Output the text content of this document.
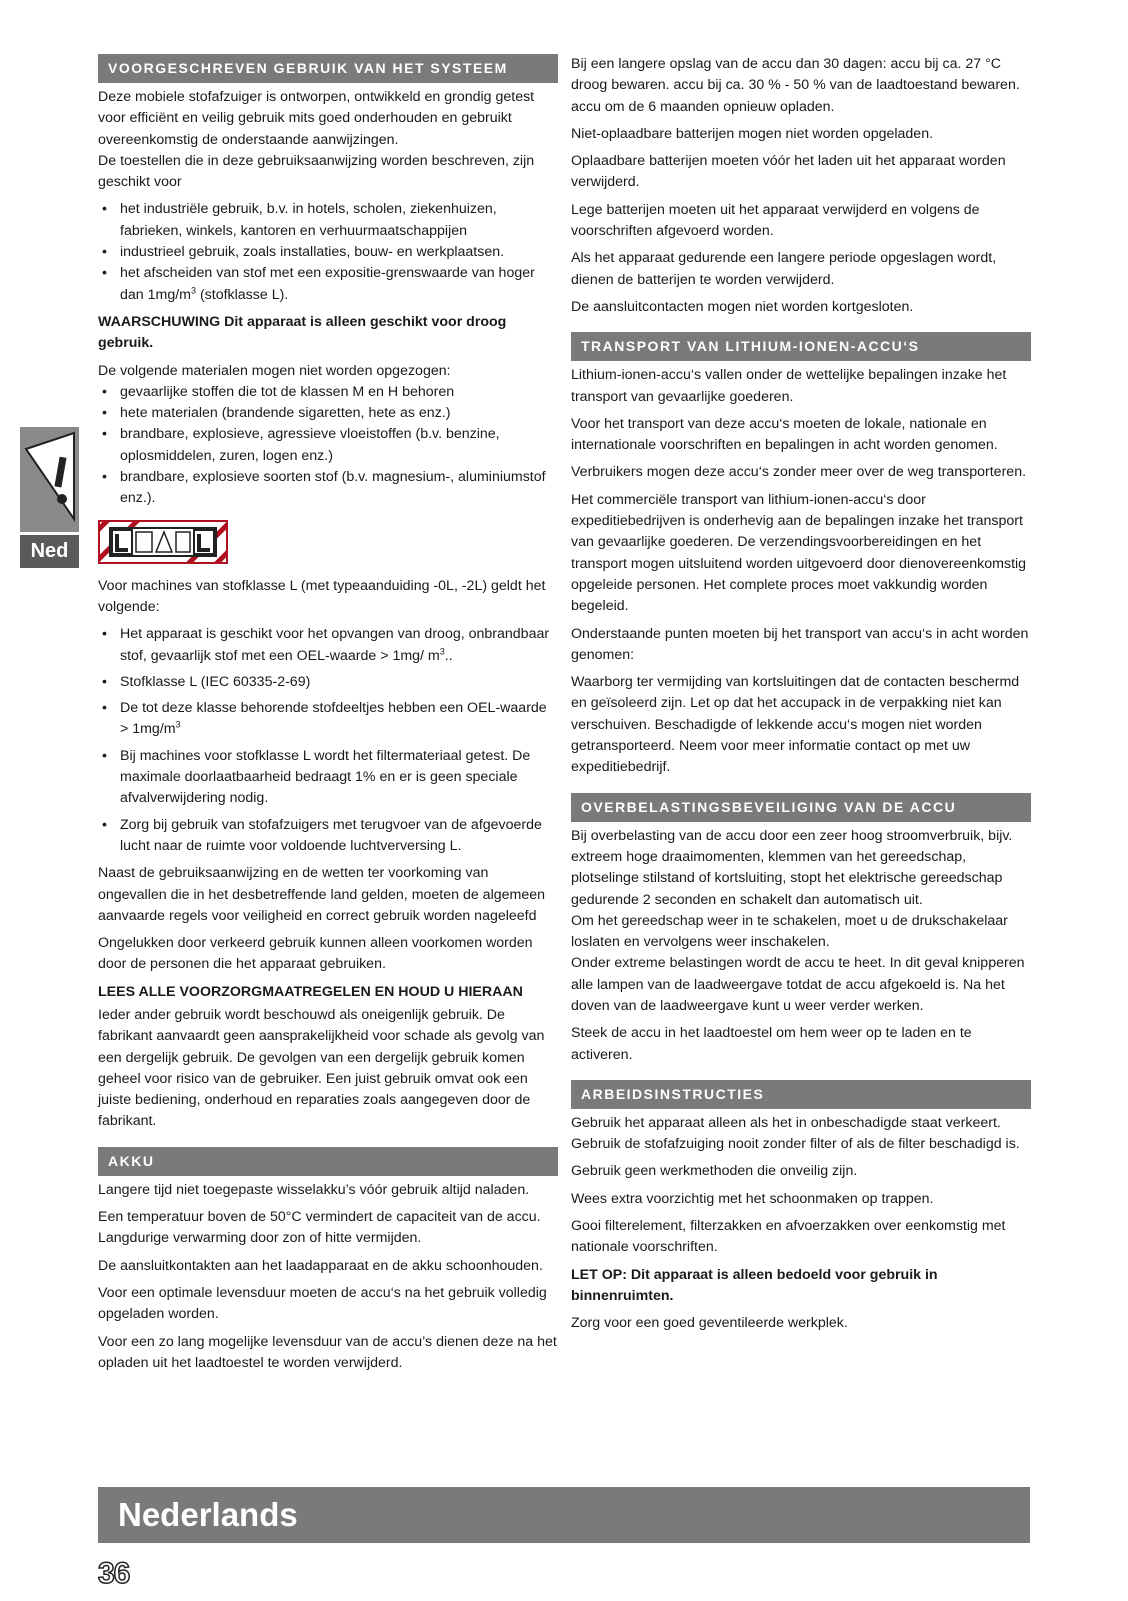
Ned
VOORGESCHREVEN GEBRUIK VAN HET SYSTEEM

Deze mobiele stofafzuiger is ontworpen, ontwikkeld en grondig getest voor efficiënt en veilig gebruik mits goed onderhouden en gebruikt overeenkomstig de onderstaande aanwijzingen.
De toestellen die in deze gebruiksaanwijzing worden beschreven, zijn geschikt voor

• het industriële gebruik, b.v. in hotels, scholen, ziekenhuizen, fabrieken, winkels, kantoren en verhuurmaatschappijen
• industrieel gebruik, zoals installaties, bouw- en werkplaatsen.
• het afscheiden van stof met een expositie-grenswaarde van hoger dan $1mg/m^3$ (stofklasse L).

WAARSCHUWING Dit apparaat is alleen geschikt voor droog gebruik.

De volgende materialen mogen niet worden opgezogen:

• gevaarlijke stoffen die tot de klassen M en H behoren
• hete materialen (brandende sigaretten, hete as enz.)
• brandbare, explosieve, agressieve vloeistoffen (b.v. benzine, oplosmiddelen, zuren, logen enz.)
• brandbare, explosieve soorten stof (b.v. magnesium-, aluminiumstof enz.).

Voor machines van stofklasse L (met typeaanduiding -0L, -2L) geldt het volgende:

• Het apparaat is geschikt voor het opvangen van droog, onbrandbaar stof, gevaarlijk stof met een OEL-waarde > 1mg/ $m^3$..
• Stofklasse L (IEC 60335-2-69)
• De tot deze klasse behorende stofdeeltjes hebben een OEL-waarde > $1mg/m^3$
• Bij machines voor stofklasse L wordt het filtermateriaal getest. De maximale doorlaatbaarheid bedraagt 1% en er is geen speciale afvalverwijdering nodig.
• Zorg bij gebruik van stofafzuigers met terugvoer van de afgevoerde lucht naar de ruimte voor voldoende luchtverversing L.

Naast de gebruiksaanwijzing en de wetten ter voorkoming van ongevallen die in het desbetreffende land gelden, moeten de algemeen aanvaarde regels voor veiligheid en correct gebruik worden nageleefd

Ongelukken door verkeerd gebruik kunnen alleen voorkomen worden door de personen die het apparaat gebruiken.

LEES ALLE VOORZORGMAATREGELEN EN HOUD U HIERAAN

Ieder ander gebruik wordt beschouwd als oneigenlijk gebruik. De fabrikant aanvaardt geen aansprakelijkheid voor schade als gevolg van een dergelijk gebruik. De gevolgen van een dergelijk gebruik komen geheel voor risico van de gebruiker. Een juist gebruik omvat ook een juiste bediening, onderhoud en reparaties zoals aangegeven door de fabrikant.

AKKU

Langere tijd niet toegepaste wisselakku’s vóór gebruik altijd naladen.

Een temperatuur boven de 50°C vermindert de capaciteit van de accu. Langdurige verwarming door zon of hitte vermijden.

De aansluitkontakten aan het laadapparaat en de akku schoonhouden.

Voor een optimale levensduur moeten de accu‘s na het gebruik volledig opgeladen worden.

Voor een zo lang mogelijke levensduur van de accu’s dienen deze na het opladen uit het laadtoestel te worden verwijderd.

Bij een langere opslag van de accu dan 30 dagen: accu bij ca. 27 °C droog bewaren. accu bij ca. 30 % - 50 % van de laadtoestand bewaren. accu om de 6 maanden opnieuw opladen.

Niet-oplaadbare batterijen mogen niet worden opgeladen.

Oplaadbare batterijen moeten vóór het laden uit het apparaat worden verwijderd.

Lege batterijen moeten uit het apparaat verwijderd en volgens de voorschriften afgevoerd worden.

Als het apparaat gedurende een langere periode opgeslagen wordt, dienen de batterijen te worden verwijderd.

De aansluitcontacten mogen niet worden kortgesloten.

TRANSPORT VAN LITHIUM-IONEN-ACCU‘S

Lithium-ionen-accu‘s vallen onder de wettelijke bepalingen inzake het transport van gevaarlijke goederen.

Voor het transport van deze accu‘s moeten de lokale, nationale en internationale voorschriften en bepalingen in acht worden genomen.

Verbruikers mogen deze accu‘s zonder meer over de weg transporteren.

Het commerciële transport van lithium-ionen-accu‘s door expeditiebedrijven is onderhevig aan de bepalingen inzake het transport van gevaarlijke goederen. De verzendingsvoorbereidingen en het transport mogen uitsluitend worden uitgevoerd door dienovereenkomstig opgeleide personen. Het complete proces moet vakkundig worden begeleid.

Onderstaande punten moeten bij het transport van accu‘s in acht worden genomen:

Waarborg ter vermijding van kortsluitingen dat de contacten beschermd en geïsoleerd zijn. Let op dat het accupack in de verpakking niet kan verschuiven. Beschadigde of lekkende accu‘s mogen niet worden getransporteerd. Neem voor meer informatie contact op met uw expeditiebedrijf.

OVERBELASTINGSBEVEILIGING VAN DE ACCU

Bij overbelasting van de accu door een zeer hoog stroomverbruik, bijv. extreem hoge draaimomenten, klemmen van het gereedschap, plotselinge stilstand of kortsluiting, stopt het elektrische gereedschap gedurende 2 seconden en schakelt dan automatisch uit.

Om het gereedschap weer in te schakelen, moet u de drukschakelaar loslaten en vervolgens weer inschakelen.

Onder extreme belastingen wordt de accu te heet. In dit geval knipperen alle lampen van de laadweergave totdat de accu afgekoeld is. Na het doven van de laadweergave kunt u weer verder werken.

Steek de accu in het laadtoestel om hem weer op te laden en te activeren.

ARBEIDSINSTRUCTIES

Gebruik het apparaat alleen als het in onbeschadigde staat verkeert. Gebruik de stofafzuiging nooit zonder filter of als de filter beschadigd is.

Gebruik geen werkmethoden die onveilig zijn.

Wees extra voorzichtig met het schoonmaken op trappen.

Gooi filterelement, filterzakken en afvoerzakken over eenkomstig met nationale voorschriften.

LET OP: Dit apparaat is alleen bedoeld voor gebruik in binnenruimten.

Zorg voor een goed geventileerde werkplek.

Nederlands
36
